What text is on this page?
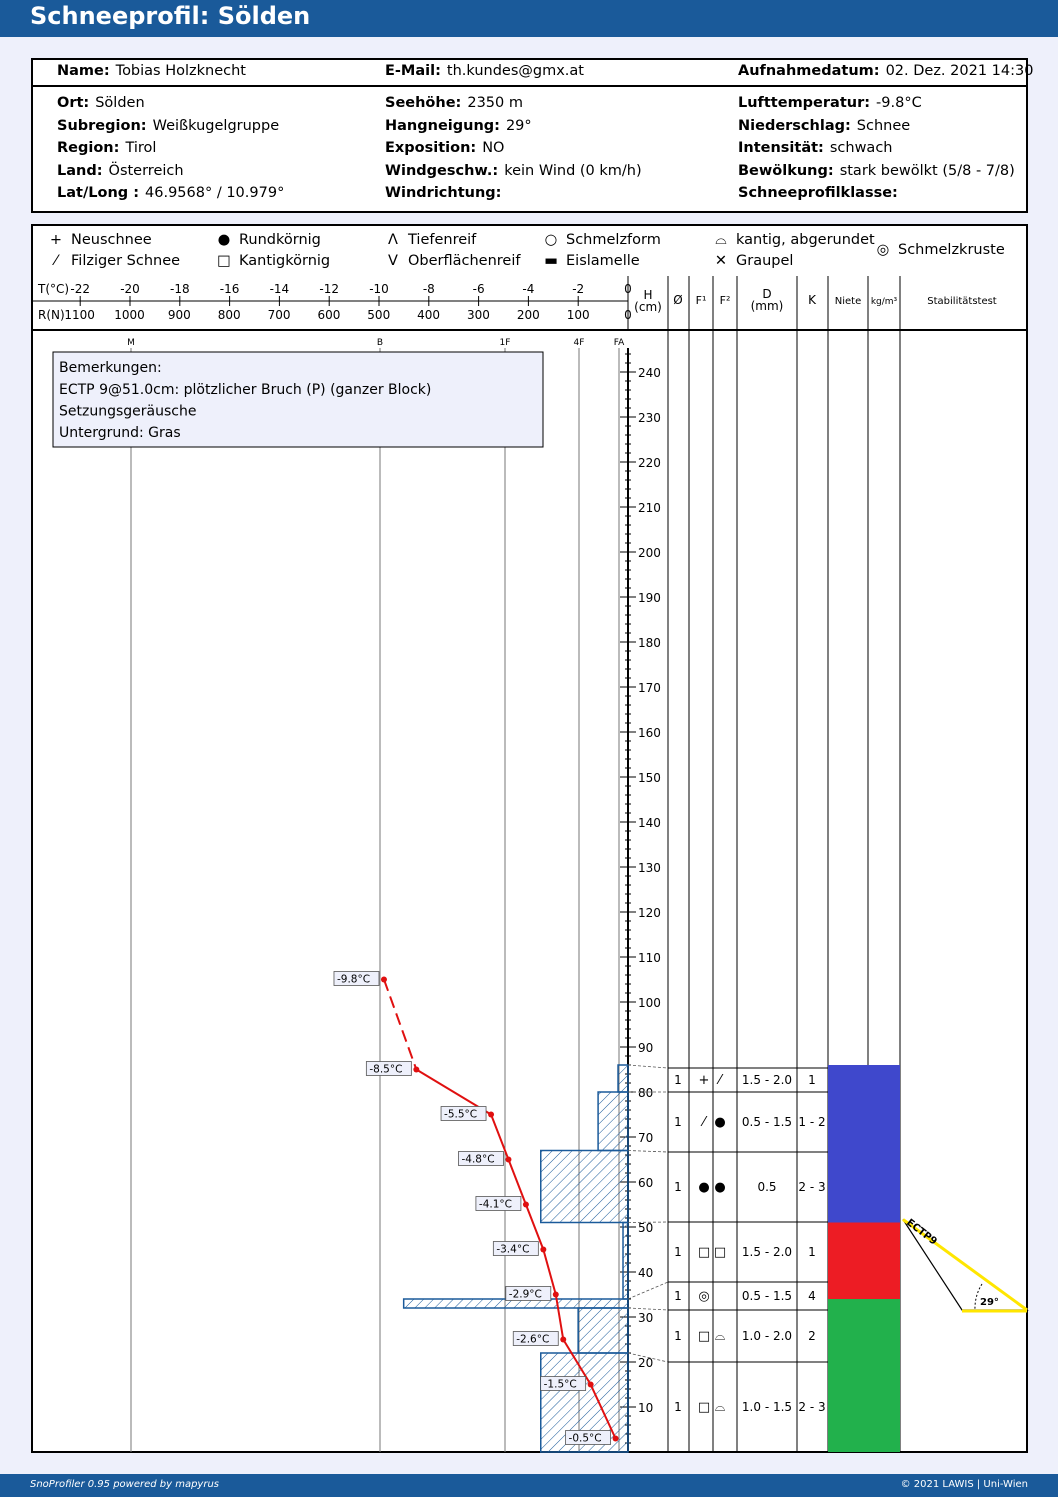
Schneeprofil: Sölden
Name: Tobias Holzknecht	E-Mail: th.kundes@gmx.at	Aufnahmedatum: 02. Dez. 2021 14:30
Ort: Sölden
Subregion: Weißkugelgruppe
Region: Tirol
Land: Österreich
Lat/Long : 46.9568° / 10.979°
Seehöhe: 2350 m
Hangneigung: 29°
Exposition: NO
Windgeschw.: kein Wind (0 km/h)
Windrichtung:
Lufttemperatur: -9.8°C
Niederschlag: Schnee
Intensität: schwach
Bewölkung: stark bewölkt (5/8 - 7/8)
Schneeprofilklasse:
+ Neuschnee
⁄ Filziger Schnee
● Rundkörnig
□ Kantigkörnig
Λ Tiefenreif
V Oberflächenreif
○ Schmelzform
▬ Eislamelle
⌓ kantig, abgerundet
✕ Graupel
◎ Schmelzkruste
T(°C)
R(N)
-22	-20	-18	-16	-14	-12	-10	-8	-6	-4	-2	0
1100 1000 900 800 700 600 500 400 300 200 100	0
H
(cm) Ø F¹ F²	K Niete kg/m³	Stabilitätstest
D
(mm)
M	B	1F	4F	FA
10
20
30
40
50
60
70
80
90
100
110
120
130
140
150
160
170
180
190
200
210
220
230
240
Bemerkungen:
ECTP 9@51.0cm: plötzlicher Bruch (P) (ganzer Block)
Setzungsgeräusche
Untergrund: Gras
1 + ⁄ 1.5 - 2.0 1
1 ⁄ ● 0.5 - 1.5 1 - 2
1 ● ●	0.5 2 - 3
1 □ □ 1.5 - 2.0 1
1 ◎	0.5 - 1.5 4
1 □ ⌓ 1.0 - 2.0 2
1 □ ⌓ 1.0 - 1.5 2 - 3
-9.8°C
-8.5°C
-5.5°C
-4.8°C
-4.1°C
-3.4°C
-2.9°C
-2.6°C
-1.5°C
-0.5°C
ECTP9
29°
SnoProfiler 0.95 powered by mapyrus	© 2021 LAWIS | Uni-Wien
